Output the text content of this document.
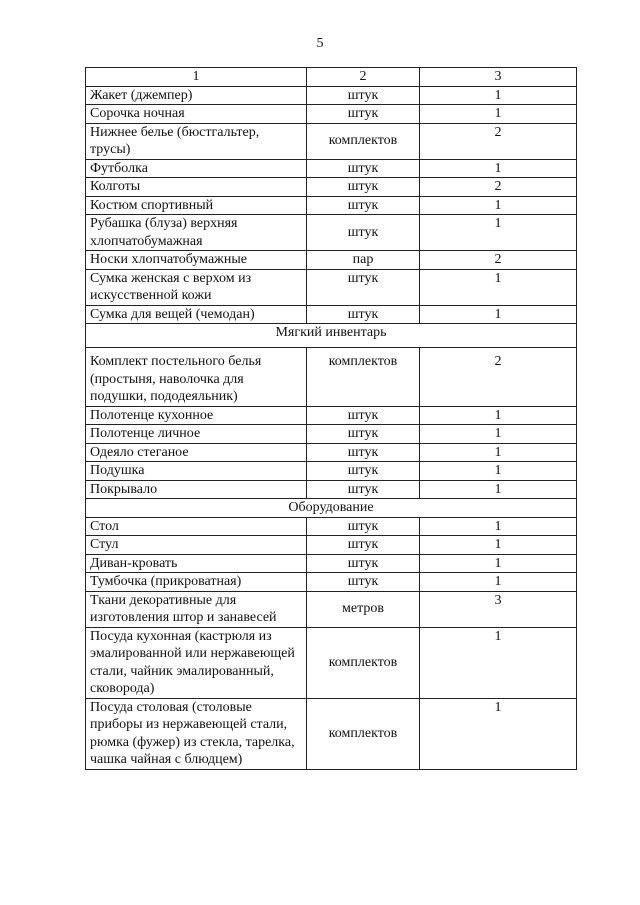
5
1	2	3
Жакет (джемпер)	штук	1
Сорочка ночная	штук	1
Нижнее белье (бюстгальтер, трусы)	комплектов	2
Футболка	штук	1
Колготы	штук	2
Костюм спортивный	штук	1
Рубашка (блуза) верхняя хлопчатобумажная	штук	1
Носки хлопчатобумажные	пар	2
Сумка женская с верхом из искусственной кожи	штук	1
Сумка для вещей (чемодан)	штук	1
Мягкий инвентарь		
Комплект постельного белья (простыня, наволочка для подушки, пододеяльник)	комплектов	2
Полотенце кухонное	штук	1
Полотенце личное	штук	1
Одеяло стеганое	штук	1
Подушка	штук	1
Покрывало	штук	1
Оборудование		
Стол	штук	1
Стул	штук	1
Диван-кровать	штук	1
Тумбочка (прикроватная)	штук	1
Ткани декоративные для изготовления штор и занавесей	метров	3
Посуда кухонная (кастрюля из эмалированной или нержавеющей стали, чайник эмалированный, сковорода)	комплектов	1
Посуда столовая (столовые приборы из нержавеющей стали, рюмка (фужер) из стекла, тарелка, чашка чайная с блюдцем)	комплектов	1
